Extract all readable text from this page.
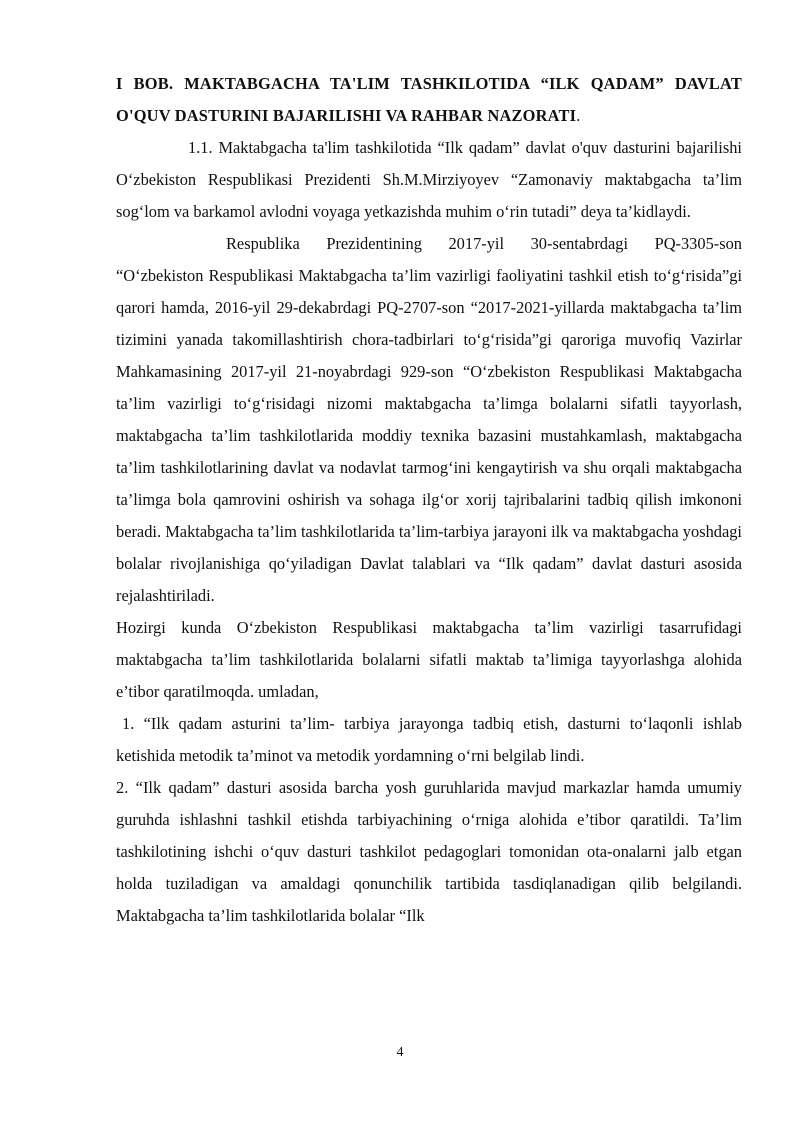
I BOB. MAKTABGACHA TA'LIM TASHKILOTIDA “ILK QADAM” DAVLAT O'QUV DASTURINI BAJARILISHI VA RAHBAR NAZORATI.

1.1. Maktabgacha ta'lim tashkilotida “Ilk qadam” davlat o'quv dasturini bajarilishi O‘zbekiston Respublikasi Prezidenti Sh.M.Mirziyoyev “Zamonaviy maktabgacha ta’lim sog‘lom va barkamol avlodni voyaga yetkazishda muhim o‘rin tutadi” deya ta’kidlaydi.

Respublika Prezidentining 2017-yil 30-sentabrdagi PQ-3305-son “O‘zbekiston Respublikasi Maktabgacha ta’lim vazirligi faoliyatini tashkil etish to‘g‘risida”gi qarori hamda, 2016-yil 29-dekabrdagi PQ-2707-son “2017-2021-yillarda maktabgacha ta’lim tizimini yanada takomillashtirish chora-tadbirlari to‘g‘risida”gi qaroriga muvofiq Vazirlar Mahkamasining 2017-yil 21-noyabrdagi 929-son “O‘zbekiston Respublikasi Maktabgacha ta’lim vazirligi to‘g‘risidagi nizomi maktabgacha ta’limga bolalarni sifatli tayyorlash, maktabgacha ta’lim tashkilotlarida moddiy texnika bazasini mustahkamlash, maktabgacha ta’lim tashkilotlarining davlat va nodavlat tarmog‘ini kengaytirish va shu orqali maktabgacha ta’limga bola qamrovini oshirish va sohaga ilg‘or xorij tajribalarini tadbiq qilish imkononi beradi. Maktabgacha ta’lim tashkilotlarida ta’lim-tarbiya jarayoni ilk va maktabgacha yoshdagi bolalar rivojlanishiga qo‘yiladigan Davlat talablari va “Ilk qadam” davlat dasturi asosida rejalashtiriladi.

Hozirgi kunda O‘zbekiston Respublikasi maktabgacha ta’lim vazirligi tasarrufidagi maktabgacha ta’lim tashkilotlarida bolalarni sifatli maktab ta’limiga tayyorlashga alohida e’tibor qaratilmoqda. umladan,

1. “Ilk qadam asturini ta’lim- tarbiya jarayonga tadbiq etish, dasturni to‘laqonli ishlab ketishida metodik ta’minot va metodik yordamning o‘rni belgilab lindi.

2. “Ilk qadam” dasturi asosida barcha yosh guruhlarida mavjud markazlar hamda umumiy guruhda ishlashni tashkil etishda tarbiyachining o‘rniga alohida e’tibor qaratildi. Ta’lim tashkilotining ishchi o‘quv dasturi tashkilot pedagoglari tomonidan ota-onalarni jalb etgan holda tuziladigan va amaldagi qonunchilik tartibida tasdiqlanadigan qilib belgilandi. Maktabgacha ta’lim tashkilotlarida bolalar “Ilk

4
